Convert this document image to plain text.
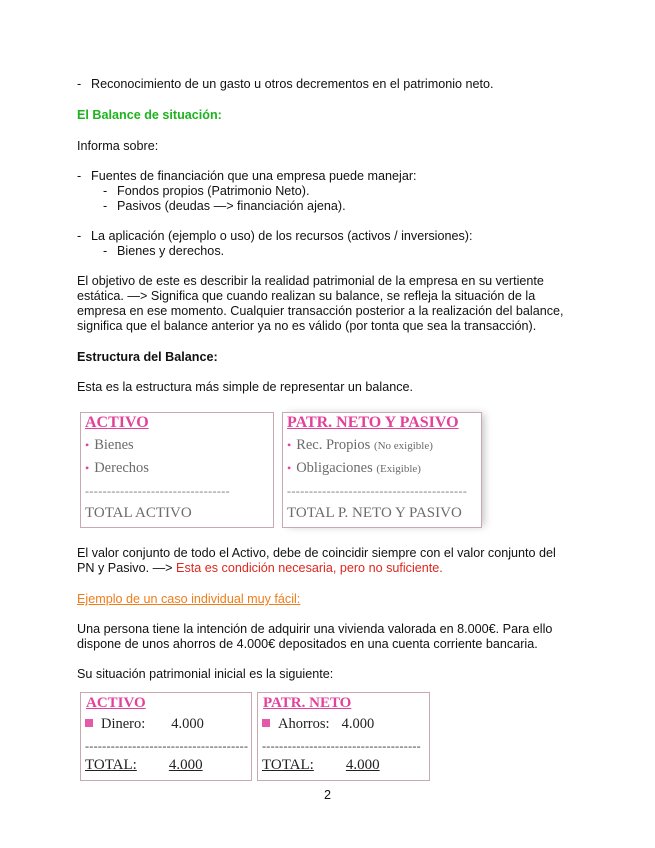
- Reconocimiento de un gasto u otros decrementos en el patrimonio neto.
El Balance de situación:
Informa sobre:
- Fuentes de financiación que una empresa puede manejar:
- Fondos propios (Patrimonio Neto).
- Pasivos (deudas —> financiación ajena).
- La aplicación (ejemplo o uso) de los recursos (activos / inversiones):
- Bienes y derechos.
El objetivo de este es describir la realidad patrimonial de la empresa en su vertiente
estática. —> Significa que cuando realizan su balance, se refleja la situación de la
empresa en ese momento. Cualquier transacción posterior a la realización del balance,
significa que el balance anterior ya no es válido (por tonta que sea la transacción).
Estructura del Balance:
Esta es la estructura más simple de representar un balance.
ACTIVO
• Bienes
• Derechos
---------------------------------
TOTAL ACTIVO
PATR. NETO Y PASIVO
• Rec. Propios (No exigible)
• Obligaciones (Exigible)
-----------------------------------------
TOTAL P. NETO Y PASIVO
El valor conjunto de todo el Activo, debe de coincidir siempre con el valor conjunto del
PN y Pasivo. —> Esta es condición necesaria, pero no suficiente.
Ejemplo de un caso individual muy fácil:
Una persona tiene la intención de adquirir una vivienda valorada en 8.000€. Para ello
dispone de unos ahorros de 4.000€ depositados en una cuenta corriente bancaria.
Su situación patrimonial inicial es la siguiente:
ACTIVO
Dinero: 4.000
--------------------------------------
TOTAL: 4.000
PATR. NETO
Ahorros: 4.000
-------------------------------------
TOTAL: 4.000
2
